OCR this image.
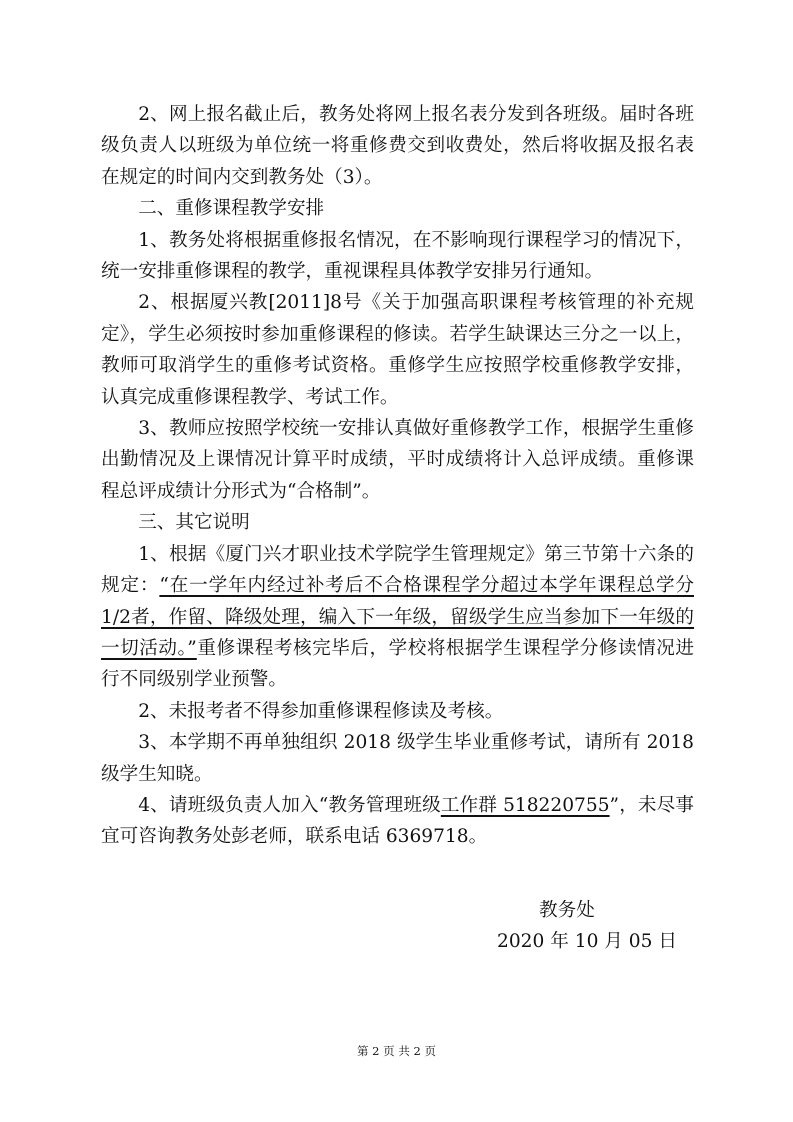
2、网上报名截止后，教务处将网上报名表分发到各班级。届时各班级负责人以班级为单位统一将重修费交到收费处，然后将收据及报名表在规定的时间内交到教务处（3）。

二、重修课程教学安排

1、教务处将根据重修报名情况，在不影响现行课程学习的情况下，统一安排重修课程的教学，重视课程具体教学安排另行通知。

2、根据厦兴教[2011]8号《关于加强高职课程考核管理的补充规定》，学生必须按时参加重修课程的修读。若学生缺课达三分之一以上，教师可取消学生的重修考试资格。重修学生应按照学校重修教学安排，认真完成重修课程教学、考试工作。

3、教师应按照学校统一安排认真做好重修教学工作，根据学生重修出勤情况及上课情况计算平时成绩，平时成绩将计入总评成绩。重修课程总评成绩计分形式为“合格制”。

三、其它说明

1、根据《厦门兴才职业技术学院学生管理规定》第三节第十六条的规定：“在一学年内经过补考后不合格课程学分超过本学年课程总学分 1/2者，作留、降级处理，编入下一年级，留级学生应当参加下一年级的一切活动。”重修课程考核完毕后，学校将根据学生课程学分修读情况进行不同级别学业预警。

2、未报考者不得参加重修课程修读及考核。

3、本学期不再单独组织 2018 级学生毕业重修考试，请所有 2018 级学生知晓。

4、请班级负责人加入“教务管理班级工作群 518220755”，未尽事宜可咨询教务处彭老师，联系电话 6369718。

教务处
2020 年 10 月 05 日
第 2 页 共 2 页
